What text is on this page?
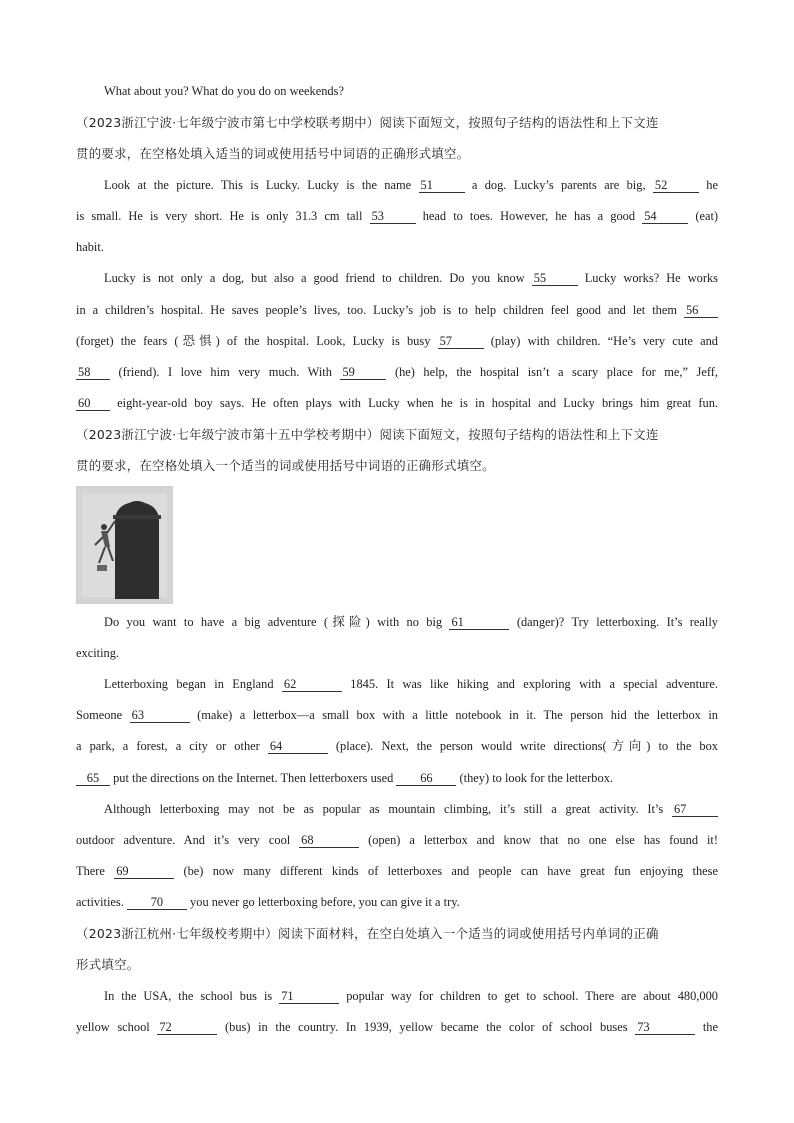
What about you? What do you do on weekends?
（2023浙江宁波·七年级宁波市第七中学校联考期中）阅读下面短文，按照句子结构的语法性和上下文连
贯的要求，在空格处填入适当的词或使用括号中词语的正确形式填空。
Look at the picture. This is Lucky. Lucky is the name 51	a dog. Lucky’s parents are big, 52	he
is small. He is very short. He is only 31.3 cm tall 53	head to toes. However, he has a good 54	(eat)
habit.
Lucky is not only a dog, but also a good friend to children. Do you know 55	Lucky works? He works
in a children’s hospital. He saves people’s lives, too. Lucky’s job is to help children feel good and let them 56
(forget) the fears (恐惧) of the hospital. Look, Lucky is busy 57	(play) with children. “He’s very cute and
58 (friend). I love him very much. With 59	(he) help, the hospital isn’t a scary place for me,” Jeff,
60 eight-year-old boy says. He often plays with Lucky when he is in hospital and Lucky brings him great fun.
（2023浙江宁波·七年级宁波市第十五中学校考期中）阅读下面短文，按照句子结构的语法性和上下文连
贯的要求，在空格处填入一个适当的词或使用括号中词语的正确形式填空。
Do you want to have a big adventure (探险) with no big 61	(danger)? Try letterboxing. It’s really
exciting.
Letterboxing began in England 62	1845. It was like hiking and exploring with a special adventure.
Someone 63	(make) a letterbox—a small box with a little notebook in it. The person hid the letterbox in
a park, a forest, a city or other 64	(place). Next, the person would write directions(方向) to the box
65 put the directions on the Internet. Then letterboxers used 66 (they) to look for the letterbox.
Although letterboxing may not be as popular as mountain climbing, it’s still a great activity. It’s 67
outdoor adventure. And it’s very cool 68	(open) a letterbox and know that no one else has found it!
There 69	(be) now many different kinds of letterboxes and people can have great fun enjoying these
activities. 70 you never go letterboxing before, you can give it a try.
（2023浙江杭州·七年级校考期中）阅读下面材料，在空白处填入一个适当的词或使用括号内单词的正确
形式填空。
In the USA, the school bus is 71	popular way for children to get to school. There are about 480,000
yellow school 72	(bus) in the country. In 1939, yellow became the color of school buses 73	the
